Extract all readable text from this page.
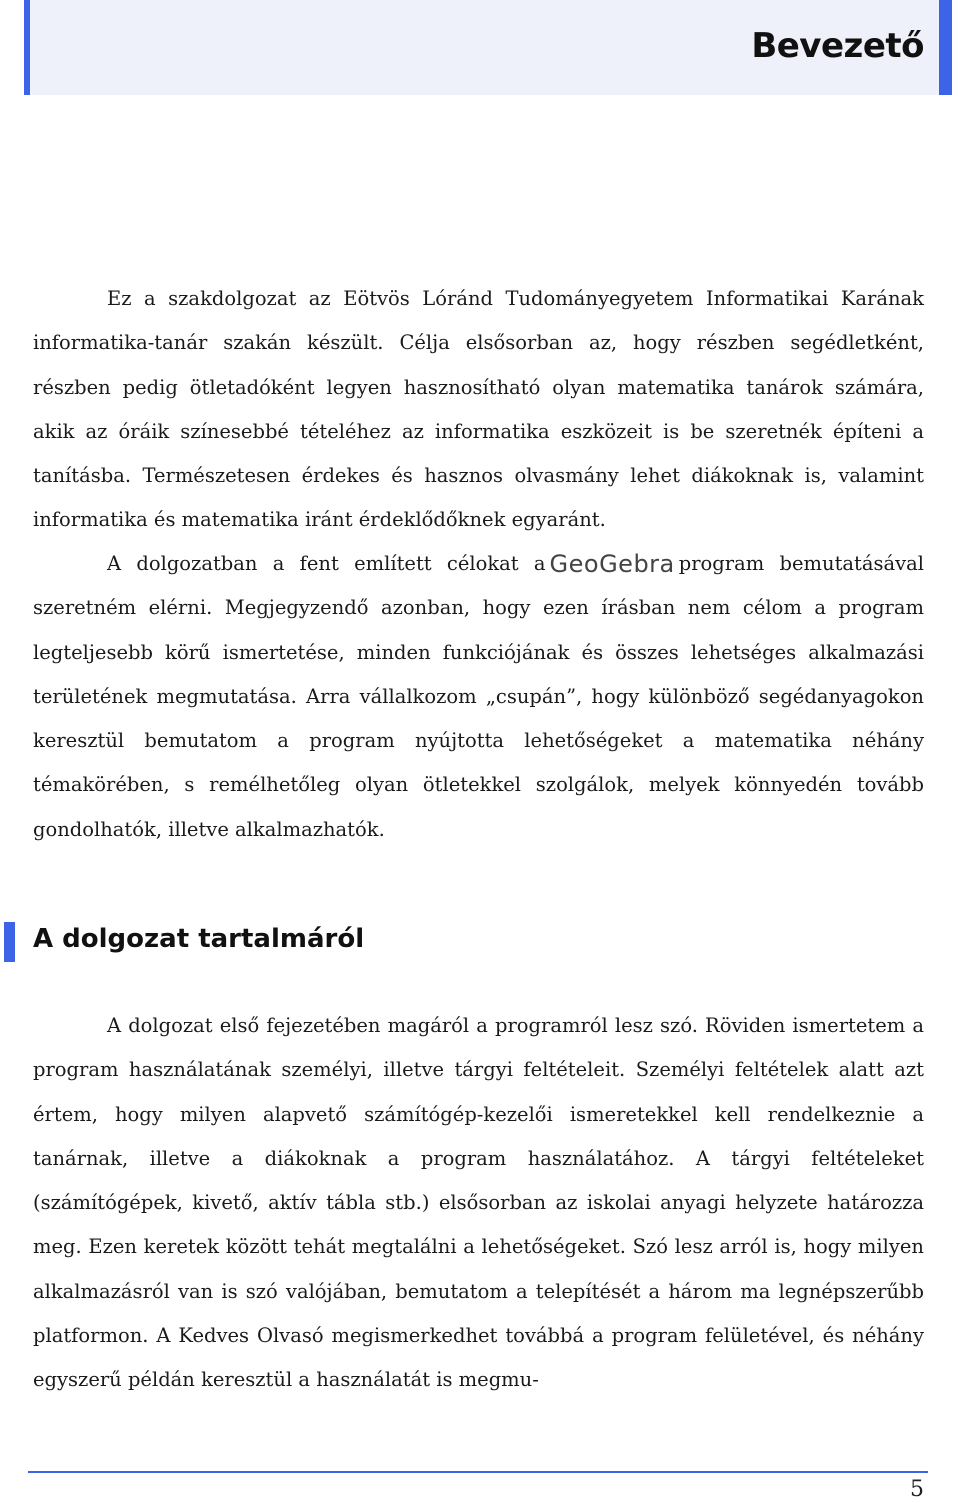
Bevezető

Ez a szakdolgozat az Eötvös Lóránd Tudományegyetem Informatikai Karának informatika-tanár szakán készült. Célja elsősorban az, hogy részben segédletként, részben pedig ötletadóként legyen hasznosítható olyan matematika tanárok számára, akik az óráik színesebbé tételéhez az informatika eszközeit is be szeretnék építeni a tanításba. Természetesen érdekes és hasznos olvasmány lehet diákoknak is, valamint informatika és matematika iránt érdeklődőknek egyaránt.

A dolgozatban a fent említett célokat a GeoGebra program bemutatásával szeretném elérni. Megjegyzendő azonban, hogy ezen írásban nem célom a program legteljesebb körű ismertetése, minden funkciójának és összes lehetséges alkalmazási területének megmutatása. Arra vállalkozom „csupán”, hogy különböző segédanyagokon keresztül bemutatom a program nyújtotta lehetőségeket a matematika néhány témakörében, s remélhetőleg olyan ötletekkel szolgálok, melyek könnyedén tovább gondolhatók, illetve alkalmazhatók.

A dolgozat tartalmáról

A dolgozat első fejezetében magáról a programról lesz szó. Röviden ismertetem a program használatának személyi, illetve tárgyi feltételeit. Személyi feltételek alatt azt értem, hogy milyen alapvető számítógép-kezelői ismeretekkel kell rendelkeznie a tanárnak, illetve a diákoknak a program használatához. A tárgyi feltételeket (számítógépek, kivető, aktív tábla stb.) elsősorban az iskolai anyagi helyzete határozza meg. Ezen keretek között tehát megtalálni a lehetőségeket. Szó lesz arról is, hogy milyen alkalmazásról van is szó valójában, bemutatom a telepítését a három ma legnépszerűbb platformon. A Kedves Olvasó megismerkedhet továbbá a program felületével, és néhány egyszerű példán keresztül a használatát is megmu-

5
